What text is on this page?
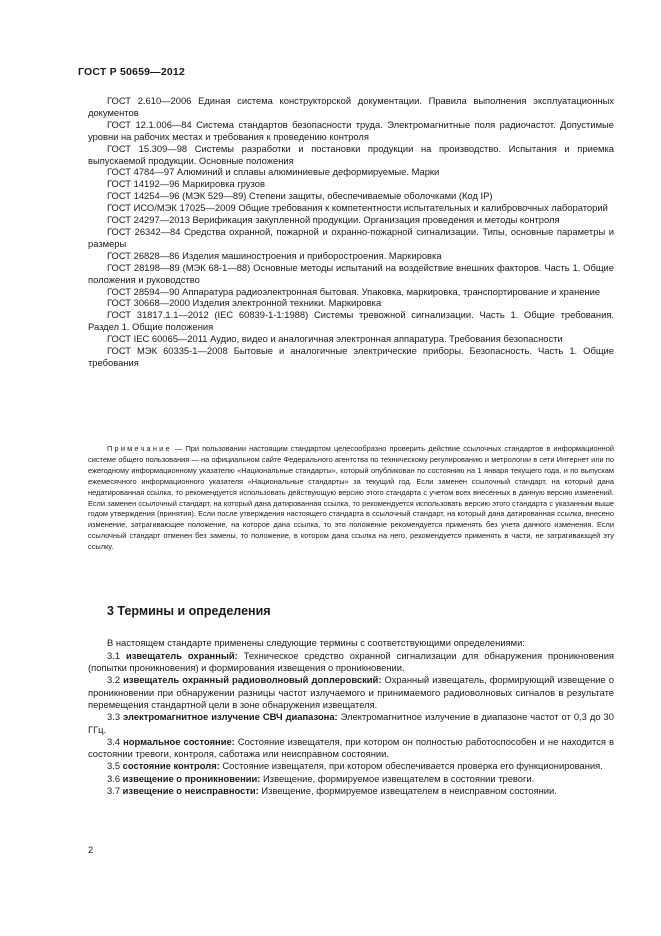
ГОСТ Р 50659—2012

ГОСТ 2.610—2006 Единая система конструкторской документации. Правила выполнения эксплуатационных документов

ГОСТ 12.1.006—84 Система стандартов безопасности труда. Электромагнитные поля радиочастот. Допустимые уровни на рабочих местах и требования к проведению контроля

ГОСТ 15.309—98 Системы разработки и постановки продукции на производство. Испытания и приемка выпускаемой продукции. Основные положения

ГОСТ 4784—97 Алюминий и сплавы алюминиевые деформируемые. Марки

ГОСТ 14192—96 Маркировка грузов

ГОСТ 14254—96 (МЭК 529—89) Степени защиты, обеспечиваемые оболочками (Код IP)

ГОСТ ИСО/МЭК 17025—2009 Общие требования к компетентности испытательных и калибровочных лабораторий

ГОСТ 24297—2013 Верификация закупленной продукции. Организация проведения и методы контроля

ГОСТ 26342—84 Средства охранной, пожарной и охранно-пожарной сигнализации. Типы, основные параметры и размеры

ГОСТ 26828—86 Изделия машиностроения и приборостроения. Маркировка

ГОСТ 28198—89 (МЭК 68-1—88) Основные методы испытаний на воздействие внешних факторов. Часть 1. Общие положения и руководство

ГОСТ 28594—90 Аппаратура радиоэлектронная бытовая. Упаковка, маркировка, транспортирование и хранение

ГОСТ 30668—2000 Изделия электронной техники. Маркировка

ГОСТ 31817.1.1—2012 (IEC 60839-1-1:1988) Системы тревожной сигнализации. Часть 1. Общие требования. Раздел 1. Общие положения

ГОСТ IEC 60065—2011 Аудио, видео и аналогичная электронная аппаратура. Требования безопасности

ГОСТ МЭК 60335-1—2008 Бытовые и аналогичные электрические приборы. Безопасность. Часть 1. Общие требования

Примечание — При пользовании настоящим стандартом целесообразно проверить действие ссылочных стандартов в информационной системе общего пользования — на официальном сайте Федерального агентства по техническому регулированию и метрологии в сети Интернет или по ежегодному информационному указателю «Национальные стандарты», который опубликован по состоянию на 1 января текущего года, и по выпускам ежемесячного информационного указателя «Национальные стандарты» за текущий год. Если заменен ссылочный стандарт, на который дана недатированная ссылка, то рекомендуется использовать действующую версию этого стандарта с учетом всех внесенных в данную версию изменений. Если заменен ссылочный стандарт, на который дана датированная ссылка, то рекомендуется использовать версию этого стандарта с указанным выше годом утверждения (принятия). Если после утверждения настоящего стандарта в ссылочный стандарт, на который дана датированная ссылка, внесено изменение, затрагивающее положение, на которое дана ссылка, то это положение рекомендуется применять без учета данного изменения. Если ссылочный стандарт отменен без замены, то положение, в котором дана ссылка на него, рекомендуется применять в части, не затрагивающей эту ссылку.

3 Термины и определения

В настоящем стандарте применены следующие термины с соответствующими определениями:

3.1 извещатель охранный: Техническое средство охранной сигнализации для обнаружения проникновения (попытки проникновения) и формирования извещения о проникновении.

3.2 извещатель охранный радиоволновый доплеровский: Охранный извещатель, формирующий извещение о проникновении при обнаружении разницы частот излучаемого и принимаемого радиоволновых сигналов в результате перемещения стандартной цели в зоне обнаружения извещателя.

3.3 электромагнитное излучение СВЧ диапазона: Электромагнитное излучение в диапазоне частот от 0,3 до 30 ГГц.

3.4 нормальное состояние: Состояние извещателя, при котором он полностью работоспособен и не находится в состоянии тревоги, контроля, саботажа или неисправном состоянии.

3.5 состояние контроля: Состояние извещателя, при котором обеспечивается проверка его функционирования.

3.6 извещение о проникновении: Извещение, формируемое извещателем в состоянии тревоги.

3.7 извещение о неисправности: Извещение, формируемое извещателем в неисправном состоянии.

2
